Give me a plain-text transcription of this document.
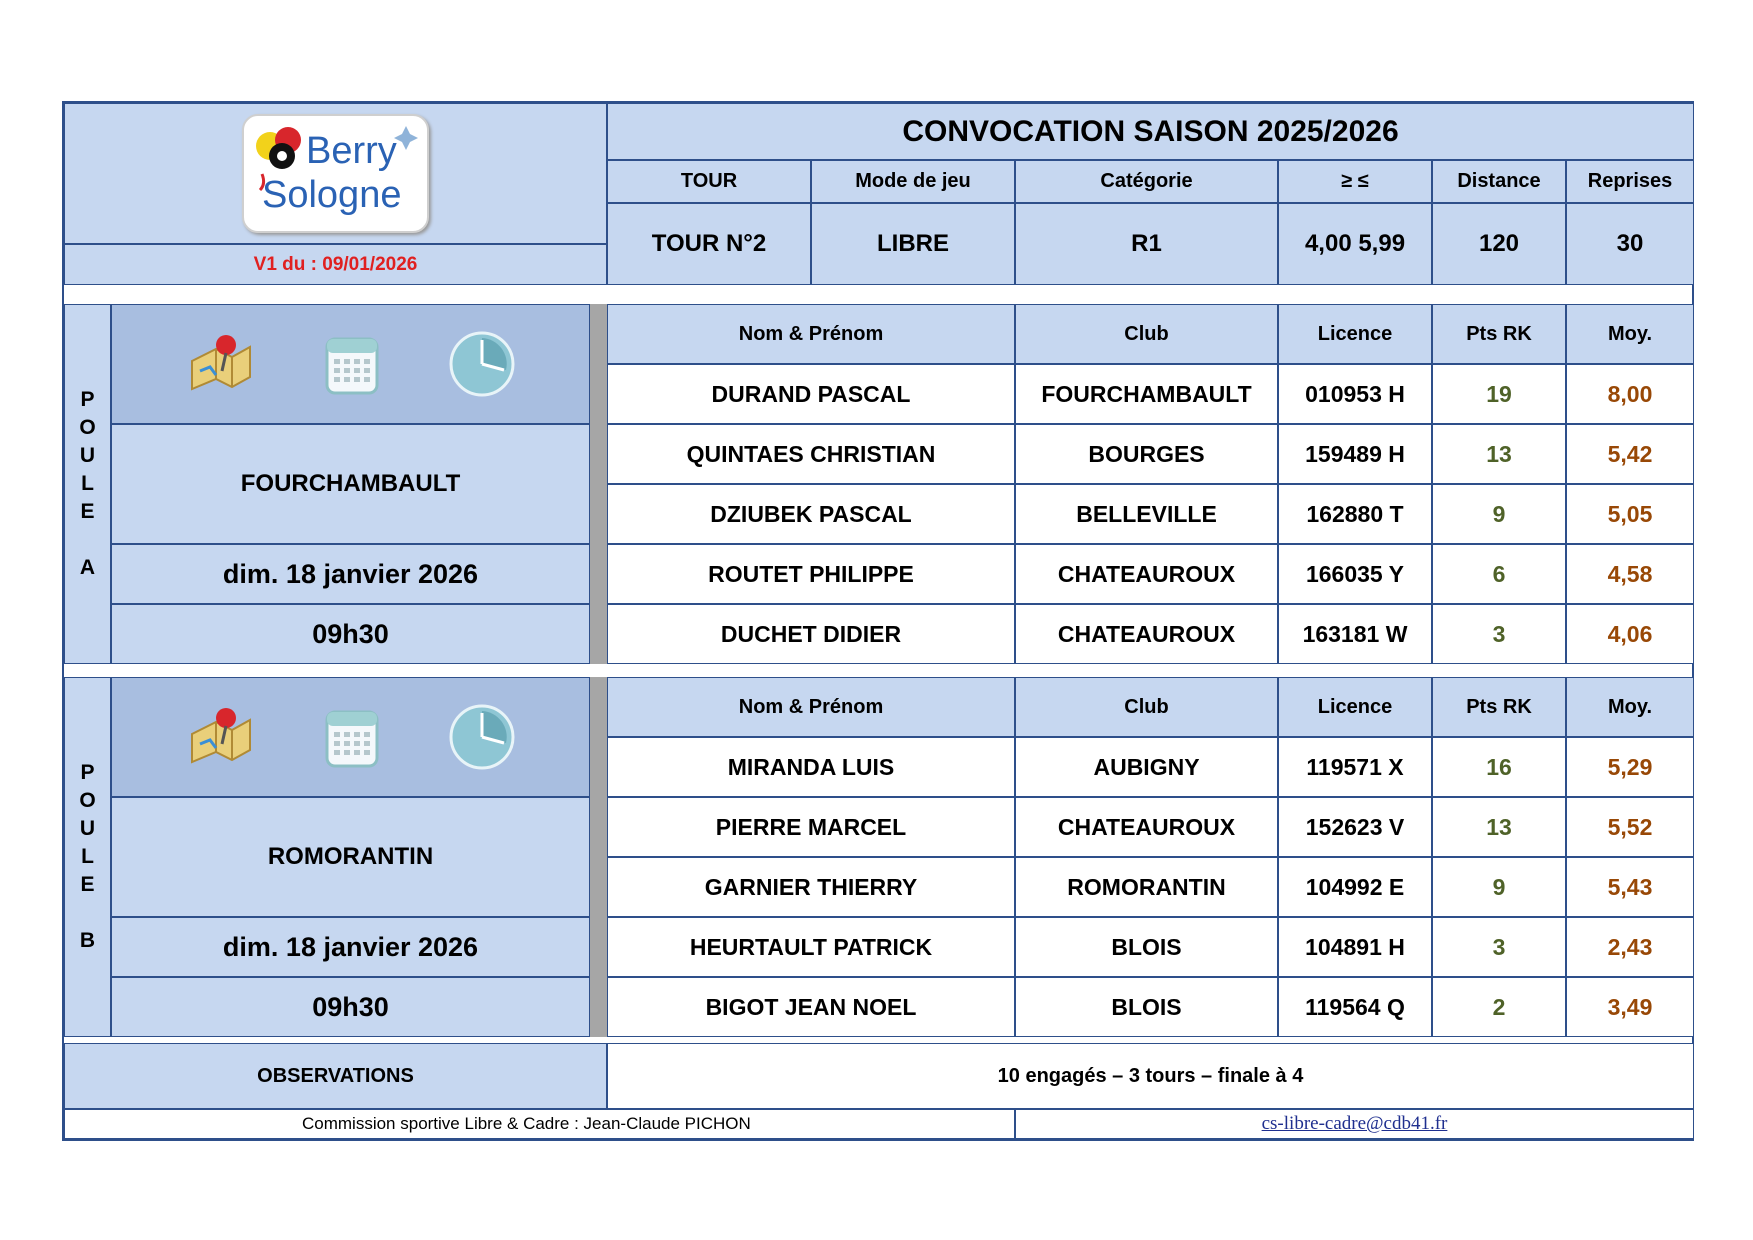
Berry
Sologne
V1 du : 09/01/2026
CONVOCATION SAISON 2025/2026
TOUR	Mode de jeu	Catégorie	≥ ≤	Distance	Reprises
TOUR N°2	LIBRE	R1	4,00 5,99	120	30
P
O
U
L
E
A
FOURCHAMBAULT
dim. 18 janvier 2026
09h30
Nom & Prénom	Club	Licence	Pts RK	Moy.
DURAND PASCAL	FOURCHAMBAULT	010953 H	19	8,00
QUINTAES CHRISTIAN	BOURGES	159489 H	13	5,42
DZIUBEK PASCAL	BELLEVILLE	162880 T	9	5,05
ROUTET PHILIPPE	CHATEAUROUX	166035 Y	6	4,58
DUCHET DIDIER	CHATEAUROUX	163181 W	3	4,06
P
O
U
L
E
B
ROMORANTIN
dim. 18 janvier 2026
09h30
Nom & Prénom	Club	Licence	Pts RK	Moy.
MIRANDA LUIS	AUBIGNY	119571 X	16	5,29
PIERRE MARCEL	CHATEAUROUX	152623 V	13	5,52
GARNIER THIERRY	ROMORANTIN	104992 E	9	5,43
HEURTAULT PATRICK	BLOIS	104891 H	3	2,43
BIGOT JEAN NOEL	BLOIS	119564 Q	2	3,49
OBSERVATIONS	10 engagés – 3 tours – finale à 4
Commission sportive Libre & Cadre : Jean-Claude PICHON	cs-libre-cadre@cdb41.fr
